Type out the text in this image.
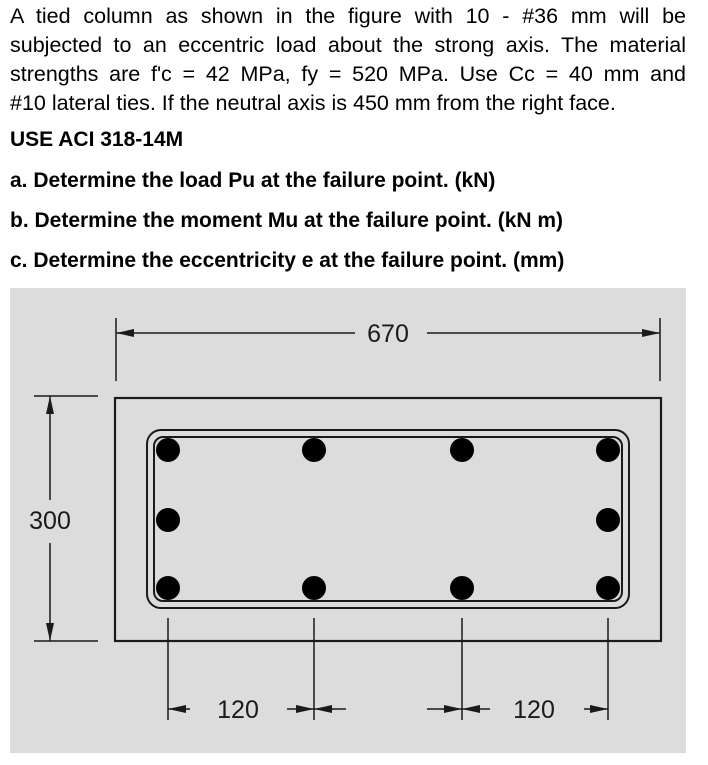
A tied column as shown in the figure with 10 - #36 mm will be
subjected to an eccentric load about the strong axis. The material
strengths are f'c = 42 MPa, fy = 520 MPa. Use Cc = 40 mm and
#10 lateral ties. If the neutral axis is 450 mm from the right face.

USE ACI 318-14M

a. Determine the load Pu at the failure point. (kN)

b. Determine the moment Mu at the failure point. (kN m)

c. Determine the eccentricity e at the failure point. (mm)

670
300
120	120
